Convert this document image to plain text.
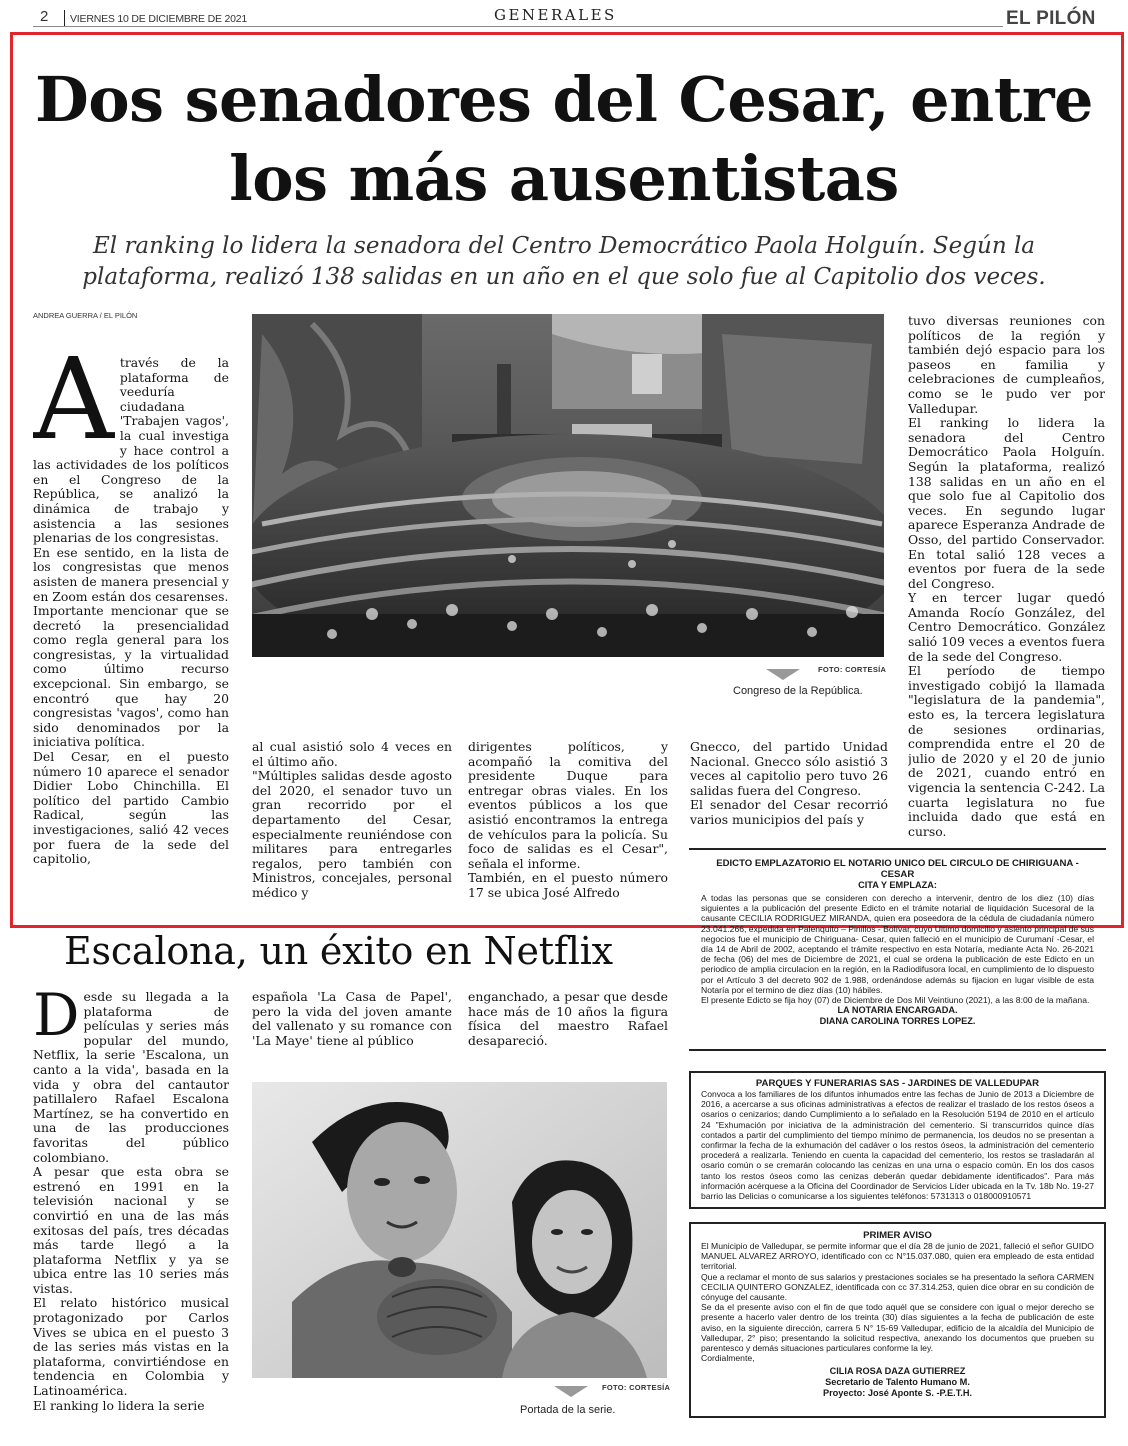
2 VIERNES 10 DE DICIEMBRE DE 2021	GENERALES	EL PILÓN
Dos senadores del Cesar, entre
los más ausentistas
El ranking lo lidera la senadora del Centro Democrático Paola Holguín. Según la
plataforma, realizó 138 salidas en un año en el que solo fue al Capitolio dos veces.
ANDREA GUERRA / EL PILÓN
A través de la plataforma de veeduría ciudadana 'Trabajen vagos', la cual investiga y hace control a las actividades de los políticos en el Congreso de la República, se analizó la dinámica de trabajo y asistencia a las sesiones plenarias de los congresistas.

En ese sentido, en la lista de los congresistas que menos asisten de manera presencial y en Zoom están dos cesarenses.

Importante mencionar que se decretó la presencialidad como regla general para los congresistas, y la virtualidad como último recurso excepcional. Sin embargo, se encontró que hay 20 congresistas 'vagos', como han sido denominados por la iniciativa política.

Del Cesar, en el puesto número 10 aparece el senador Didier Lobo Chinchilla. El político del partido Cambio Radical, según las investigaciones, salió 42 veces por fuera de la sede del capitolio,

FOTO: CORTESÍA
Congreso de la República.

al cual asistió solo 4 veces en el último año.

"Múltiples salidas desde agosto del 2020, el senador tuvo un gran recorrido por el departamento del Cesar, especialmente reuniéndose con militares para entregarles regalos, pero también con Ministros, concejales, personal médico y

dirigentes políticos, y acompañó la comitiva del presidente Duque para entregar obras viales. En los eventos públicos a los que asistió encontramos la entrega de vehículos para la policía. Su foco de salidas es el Cesar", señala el informe.

También, en el puesto número 17 se ubica José Alfredo

Gnecco, del partido Unidad Nacional. Gnecco sólo asistió 3 veces al capitolio pero tuvo 26 salidas fuera del Congreso.

El senador del Cesar recorrió varios municipios del país y

tuvo diversas reuniones con políticos de la región y también dejó espacio para los paseos en familia y celebraciones de cumpleaños, como se le pudo ver por Valledupar.

El ranking lo lidera la senadora del Centro Democrático Paola Holguín. Según la plataforma, realizó 138 salidas en un año en el que solo fue al Capitolio dos veces. En segundo lugar aparece Esperanza Andrade de Osso, del partido Conservador. En total salió 128 veces a eventos por fuera de la sede del Congreso.

Y en tercer lugar quedó Amanda Rocío González, del Centro Democrático. González salió 109 veces a eventos fuera de la sede del Congreso.

El período de tiempo investigado cobijó la llamada "legislatura de la pandemia", esto es, la tercera legislatura de sesiones ordinarias, comprendida entre el 20 de julio de 2020 y el 20 de junio de 2021, cuando entró en vigencia la sentencia C-242. La cuarta legislatura no fue incluida dado que está en curso.

EDICTO EMPLAZATORIO EL NOTARIO UNICO DEL CIRCULO DE CHIRIGUANA - CESAR

CITA Y EMPLAZA:

A todas las personas que se consideren con derecho a intervenir, dentro de los diez (10) días siguientes a la publicación del presente Edicto en el trámite notarial de liquidación Sucesoral de la causante CECILIA RODRIGUEZ MIRANDA, quien era poseedora de la cédula de ciudadanía número 23.041.266, expedida en Palenquito – Pinillos - Bolívar, cuyo Ultimo domicilio y asiento principal de sus negocios fue el municipio de Chiriguana- Cesar, quien falleció en el municipio de Curumaní -Cesar, el día 14 de Abril de 2002, aceptando el trámite respectivo en esta Notaría, mediante Acta No. 26-2021 de fecha (06) del mes de Diciembre de 2021, el cual se ordena la publicación de este Edicto en un periodico de amplia circulacion en la región, en la Radiodifusora local, en cumplimiento de lo dispuesto por el Artículo 3 del decreto 902 de 1.988, ordenándose además su fijacion en lugar visible de esta Notaría por el termino de diez días (10) hábiles.

El presente Edicto se fija hoy (07) de Diciembre de Dos Mil Veintiuno (2021), a las 8:00 de la mañana.

LA NOTARIA ENCARGADA.

DIANA CAROLINA TORRES LOPEZ.

Escalona, un éxito en Netflix
D esde su llegada a la plataforma de películas y series más popular del mundo, Netflix, la serie 'Escalona, un canto a la vida', basada en la vida y obra del cantautor patillalero Rafael Escalona Martínez, se ha convertido en una de las producciones favoritas del público colombiano.

A pesar que esta obra se estrenó en 1991 en la televisión nacional y se convirtió en una de las más exitosas del país, tres décadas más tarde llegó a la plataforma Netflix y ya se ubica entre las 10 series más vistas.

El relato histórico musical protagonizado por Carlos Vives se ubica en el puesto 3 de las series más vistas en la plataforma, convirtiéndose en tendencia en Colombia y Latinoamérica.

El ranking lo lidera la serie

española 'La Casa de Papel', pero la vida del joven amante del vallenato y su romance con 'La Maye' tiene al público

enganchado, a pesar que desde hace más de 10 años la figura física del maestro Rafael desapareció.

FOTO: CORTESÍA
Portada de la serie.

PARQUES Y FUNERARIAS SAS - JARDINES DE VALLEDUPAR

Convoca a los familiares de los difuntos inhumados entre las fechas de Junio de 2013 a Diciembre de 2016, a acercarse a sus oficinas administrativas a efectos de realizar el traslado de los restos óseos a osarios o cenizarios; dando Cumplimiento a lo señalado en la Resolución 5194 de 2010 en el artículo 24 "Exhumación por iniciativa de la administración del cementerio. Si transcurridos quince días contados a partir del cumplimiento del tiempo mínimo de permanencia, los deudos no se presentan a confirmar la fecha de la exhumación del cadáver o los restos óseos, la administración del cementerio procederá a realizarla. Teniendo en cuenta la capacidad del cementerio, los restos se trasladarán al osario común o se cremarán colocando las cenizas en una urna o espacio común. En los dos casos tanto los restos óseos como las cenizas deberán quedar debidamente identificados". Para más información acérquese a la Oficina del Coordinador de Servicios Líder ubicada en la Tv. 18b No. 19-27 barrio las Delicias o comunicarse a los siguientes teléfonos: 5731313 o 018000910571

PRIMER AVISO

El Municipio de Valledupar, se permite informar que el día 28 de junio de 2021, falleció el señor GUIDO MANUEL ALVAREZ ARROYO, identificado con cc N°15.037.080, quien era empleado de esta entidad territorial.

Que a reclamar el monto de sus salarios y prestaciones sociales se ha presentado la señora CARMEN CECILIA QUINTERO GONZALEZ, identificada con cc 37.314.253, quien dice obrar en su condición de cónyuge del causante.

Se da el presente aviso con el fin de que todo aquél que se considere con igual o mejor derecho se presente a hacerlo valer dentro de los treinta (30) días siguientes a la fecha de publicación de este aviso, en la siguiente dirección, carrera 5 N° 15-69 Valledupar, edificio de la alcaldía del Municipio de Valledupar, 2° piso; presentando la solicitud respectiva, anexando los documentos que prueben su parentesco y demás situaciones particulares conforme la ley.

Cordialmente,

CILIA ROSA DAZA GUTIERREZ

Secretario de Talento Humano M.

Proyecto: José Aponte S. -P.E.T.H.
